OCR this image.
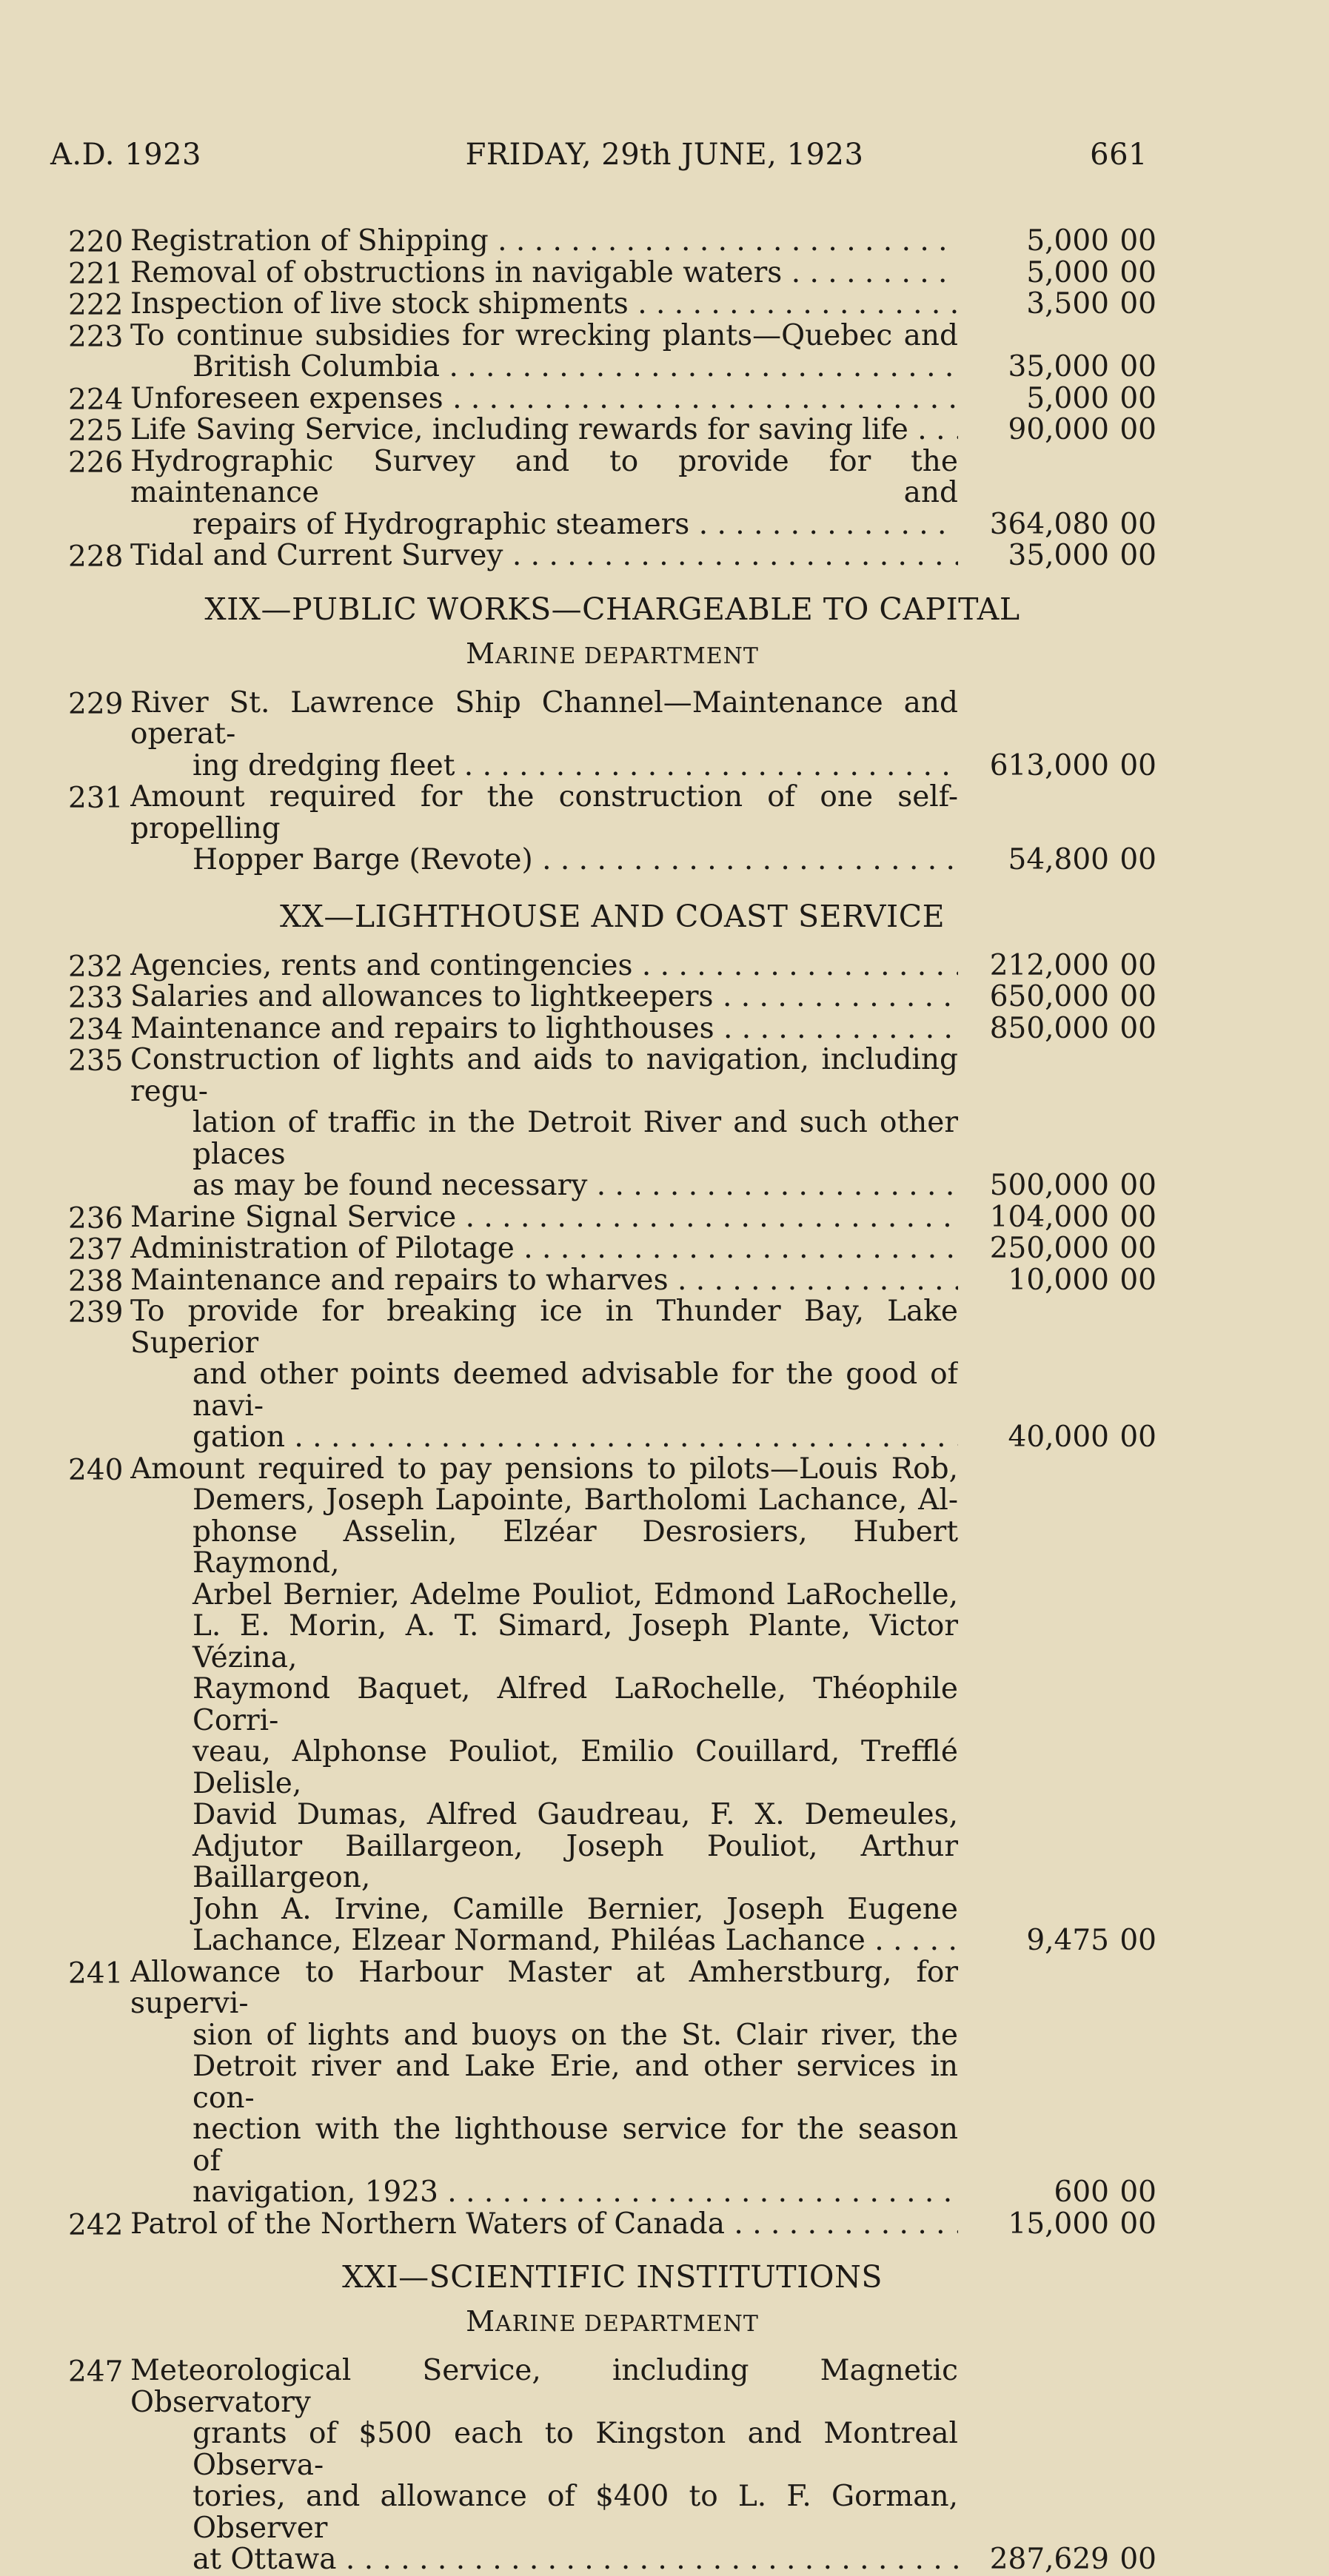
A.D. 1923	FRIDAY, 29th JUNE, 1923	661
220 Registration of Shipping . . .	5,000 00
221 Removal of obstructions in navigable waters . . .	5,000 00
222 Inspection of live stock shipments . . .	3,500 00
223 To continue subsidies for wrecking plants—Quebec and
British Columbia . . .	35,000 00
224 Unforeseen expenses . . .	5,000 00
225 Life Saving Service, including rewards for saving life . . .	90,000 00
226 Hydrographic Survey and to provide for the maintenance and
repairs of Hydrographic steamers . . .	364,080 00
228 Tidal and Current Survey . . .	35,000 00
XIX—PUBLIC WORKS—CHARGEABLE TO CAPITAL
MARINE DEPARTMENT
229 River St. Lawrence Ship Channel—Maintenance and operat-
ing dredging fleet . . .	613,000 00
231 Amount required for the construction of one self-propelling
Hopper Barge (Revote) . . .	54,800 00
XX—LIGHTHOUSE AND COAST SERVICE
232 Agencies, rents and contingencies . . .	212,000 00
233 Salaries and allowances to lightkeepers . . .	650,000 00
234 Maintenance and repairs to lighthouses . . .	850,000 00
235 Construction of lights and aids to navigation, including regu-
lation of traffic in the Detroit River and such other places
as may be found necessary . . .	500,000 00
236 Marine Signal Service . . .	104,000 00
237 Administration of Pilotage . . .	250,000 00
238 Maintenance and repairs to wharves . . .	10,000 00
239 To provide for breaking ice in Thunder Bay, Lake Superior
and other points deemed advisable for the good of navi-
gation . . .	40,000 00
240 Amount required to pay pensions to pilots—Louis Rob,
Demers, Joseph Lapointe, Bartholomi Lachance, Al-
phonse Asselin, Elzéar Desrosiers, Hubert Raymond,
Arbel Bernier, Adelme Pouliot, Edmond LaRochelle,
L. E. Morin, A. T. Simard, Joseph Plante, Victor Vézina,
Raymond Baquet, Alfred LaRochelle, Théophile Corri-
veau, Alphonse Pouliot, Emilio Couillard, Trefflé Delisle,
David Dumas, Alfred Gaudreau, F. X. Demeules,
Adjutor Baillargeon, Joseph Pouliot, Arthur Baillargeon,
John A. Irvine, Camille Bernier, Joseph Eugene
Lachance, Elzear Normand, Philéas Lachance . . .	9,475 00
241 Allowance to Harbour Master at Amherstburg, for supervi-
sion of lights and buoys on the St. Clair river, the
Detroit river and Lake Erie, and other services in con-
nection with the lighthouse service for the season of
navigation, 1923 . . .	600 00
242 Patrol of the Northern Waters of Canada . . .	15,000 00
XXI—SCIENTIFIC INSTITUTIONS
MARINE DEPARTMENT
247 Meteorological Service, including Magnetic Observatory
grants of $500 each to Kingston and Montreal Observa-
tories, and allowance of $400 to L. F. Gorman, Observer
at Ottawa . . .	287,629 00
